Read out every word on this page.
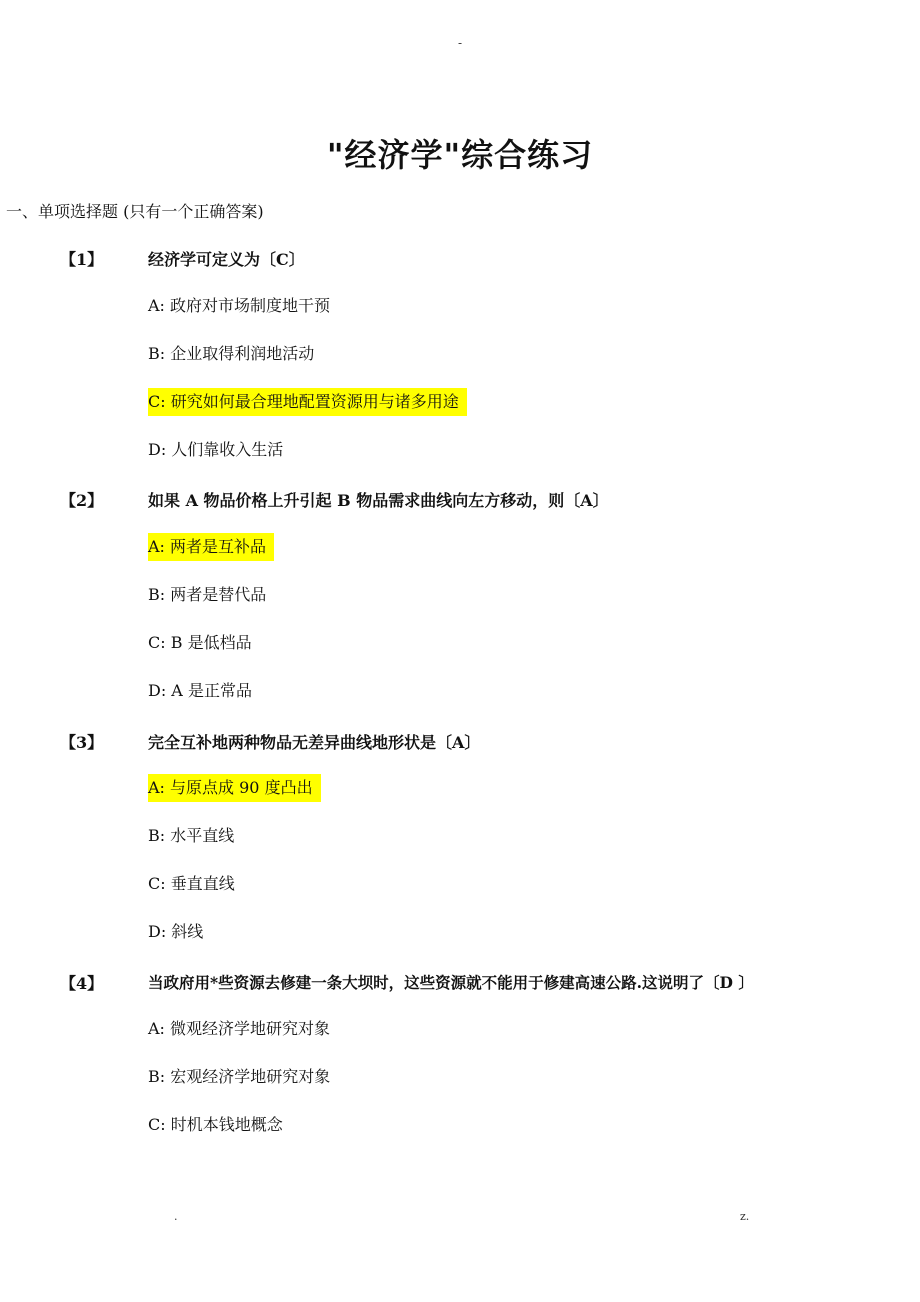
-
"经济学"综合练习
一、单项选择题 (只有一个正确答案)
【1】	经济学可定义为〔C〕
A: 政府对市场制度地干预
B: 企业取得利润地活动
C: 研究如何最合理地配置资源用与诸多用途
D: 人们靠收入生活
【2】	如果 A 物品价格上升引起 B 物品需求曲线向左方移动，则〔A〕
A: 两者是互补品
B: 两者是替代品
C: B 是低档品
D: A 是正常品
【3】	完全互补地两种物品无差异曲线地形状是〔A〕
A: 与原点成 90 度凸出
B: 水平直线
C: 垂直直线
D: 斜线
【4】	当政府用*些资源去修建一条大坝时，这些资源就不能用于修建高速公路.这说明了〔D 〕
A: 微观经济学地研究对象
B: 宏观经济学地研究对象
C: 时机本钱地概念
.	z.
